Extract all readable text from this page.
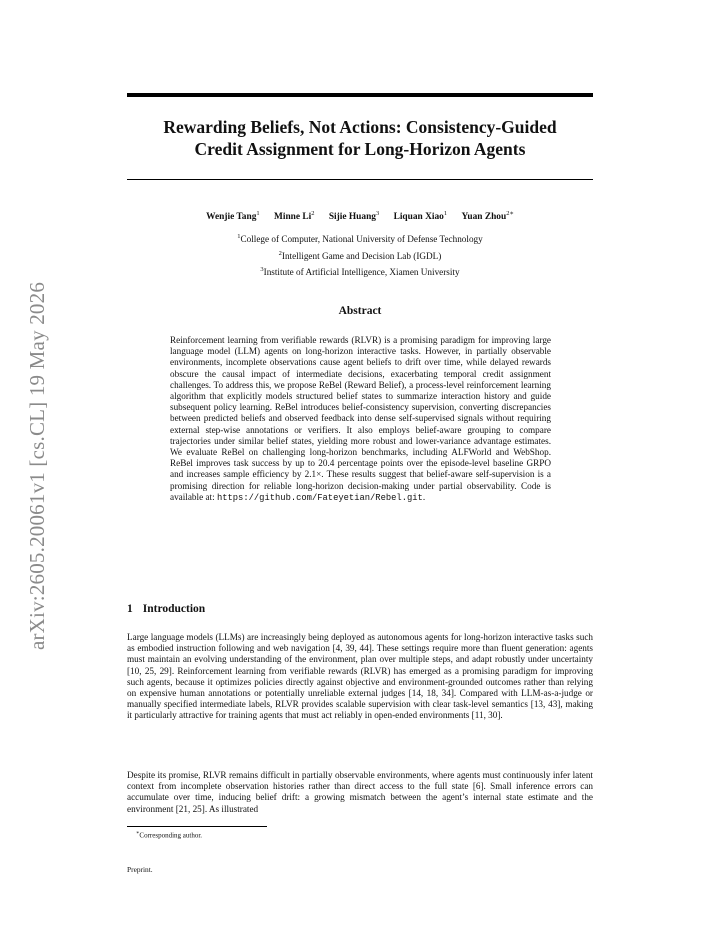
arXiv:2605.20061v1 [cs.CL] 19 May 2026
Rewarding Beliefs, Not Actions: Consistency-Guided
Credit Assignment for Long-Horizon Agents
Wenjie Tang$^1$ Minne Li$^2$ Sijie Huang$^3$ Liquan Xiao$^1$ Yuan Zhou$^{2∗}$
$^1$College of Computer, National University of Defense Technology
$^2$Intelligent Game and Decision Lab (IGDL)
$^3$Institute of Artificial Intelligence, Xiamen University
Abstract

Reinforcement learning from verifiable rewards (RLVR) is a promising paradigm for improving large language model (LLM) agents on long-horizon interactive tasks. However, in partially observable environments, incomplete observations cause agent beliefs to drift over time, while delayed rewards obscure the causal impact of intermediate decisions, exacerbating temporal credit assignment challenges. To address this, we propose ReBel (Reward Belief), a process-level reinforcement learning algorithm that explicitly models structured belief states to summarize interaction history and guide subsequent policy learning. ReBel introduces belief-consistency supervision, converting discrepancies between predicted beliefs and observed feedback into dense self-supervised signals without requiring external step-wise annotations or verifiers. It also employs belief-aware grouping to compare trajectories under similar belief states, yielding more robust and lower-variance advantage estimates. We evaluate ReBel on challenging long-horizon benchmarks, including ALFWorld and WebShop. ReBel improves task success by up to 20.4 percentage points over the episode-level baseline GRPO and increases sample efficiency by 2.1×. These results suggest that belief-aware self-supervision is a promising direction for reliable long-horizon decision-making under partial observability. Code is available at: https://github.com/Fateyetian/Rebel.git.

1 Introduction

Large language models (LLMs) are increasingly being deployed as autonomous agents for long-horizon interactive tasks such as embodied instruction following and web navigation [4, 39, 44]. These settings require more than fluent generation: agents must maintain an evolving understanding of the environment, plan over multiple steps, and adapt robustly under uncertainty [10, 25, 29]. Reinforcement learning from verifiable rewards (RLVR) has emerged as a promising paradigm for improving such agents, because it optimizes policies directly against objective and environment-grounded outcomes rather than relying on expensive human annotations or potentially unreliable external judges [14, 18, 34]. Compared with LLM-as-a-judge or manually specified intermediate labels, RLVR provides scalable supervision with clear task-level semantics [13, 43], making it particularly attractive for training agents that must act reliably in open-ended environments [11, 30].

Despite its promise, RLVR remains difficult in partially observable environments, where agents must continuously infer latent context from incomplete observation histories rather than direct access to the full state [6]. Small inference errors can accumulate over time, inducing belief drift: a growing mismatch between the agent’s internal state estimate and the environment [21, 25]. As illustrated

∗Corresponding author.
Preprint.
